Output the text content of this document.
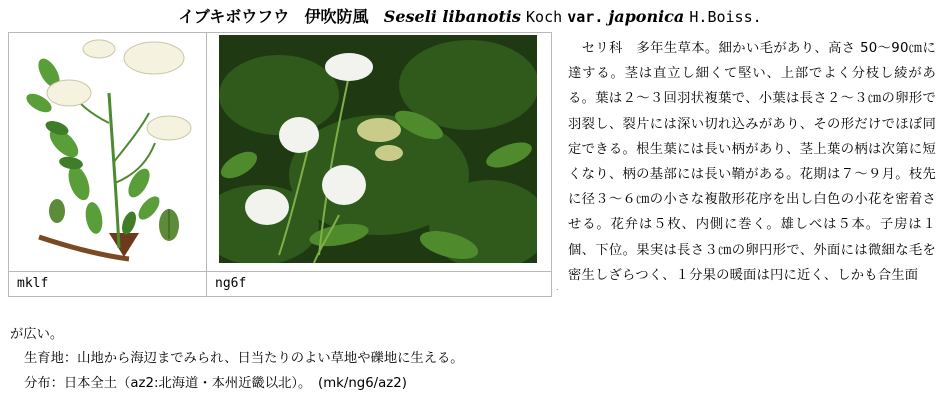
イブキボウフウ 伊吹防風 Seseli libanotis Koch var. japonica H.Boiss.

mklf	ng6f	.
　セリ科　多年生草本。細かい毛があり、高さ 50～90㎝に達する。茎は直立し細くて堅い、上部でよく分枝し綾がある。葉は２～３回羽状複葉で、小葉は長さ２～３㎝の卵形で羽裂し、裂片には深い切れ込みがあり、その形だけでほぼ同定できる。根生葉には長い柄があり、茎上葉の柄は次第に短くなり、柄の基部には長い鞘がある。花期は７～９月。枝先に径３～６㎝の小さな複散形花序を出し白色の小花を密着させる。花弁は５枚、内側に巻く。雄しべは５本。子房は１個、下位。果実は長さ３㎝の卵円形で、外面には微細な毛を密生しざらつく、１分果の暖面は円に近く、しかも合生面
が広い。
生育地：山地から海辺までみられ、日当たりのよい草地や礫地に生える。
分布：日本全土（az2:北海道・本州近畿以北）。　(mk/ng6/az2)
